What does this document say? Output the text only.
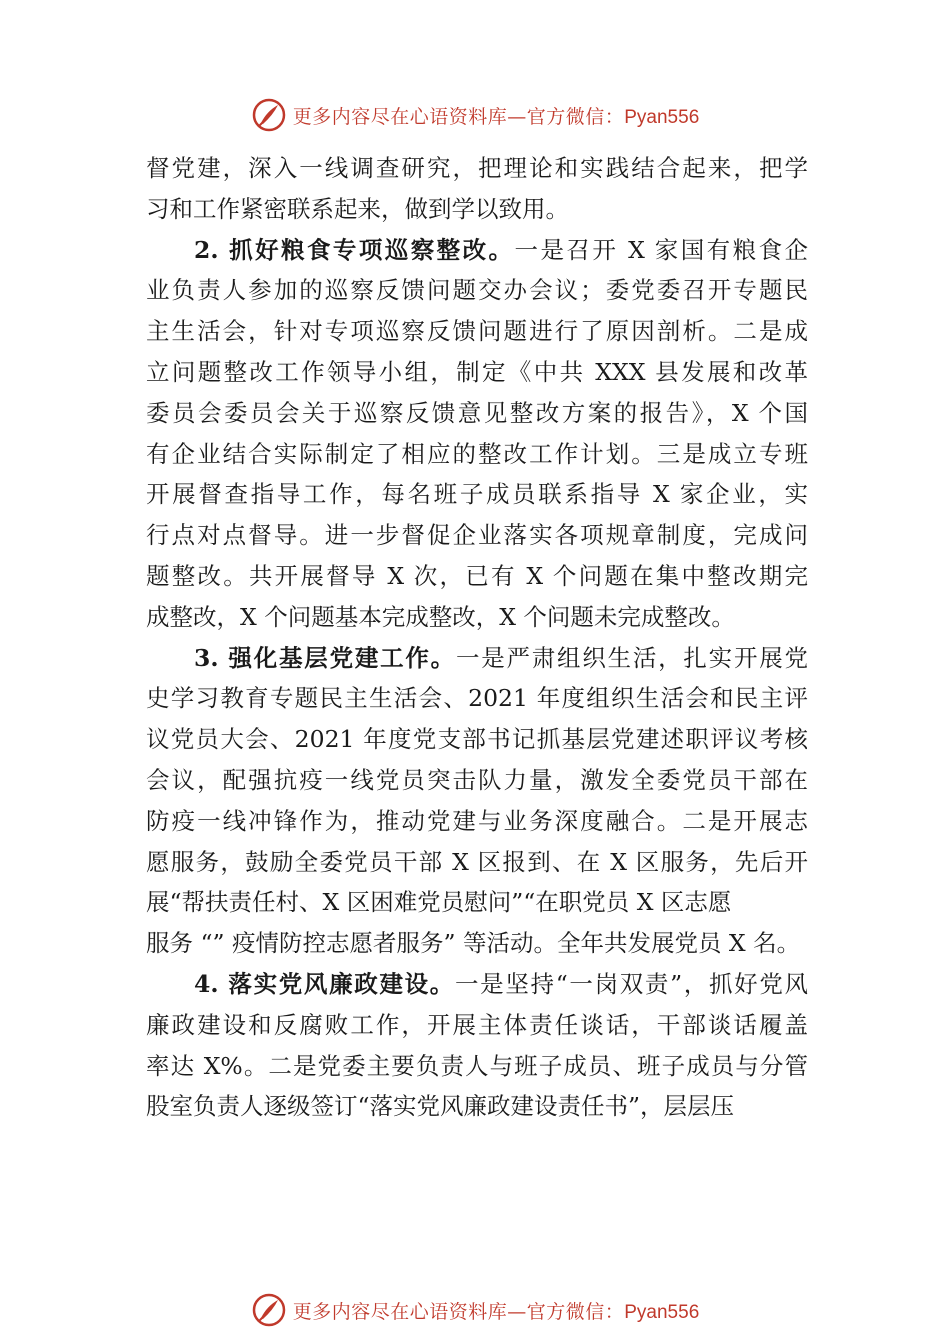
更多内容尽在心语资料库—官方微信：Pyan556
督党建，深入一线调查研究，把理论和实践结合起来，把学
习和工作紧密联系起来，做到学以致用。
2. 抓好粮食专项巡察整改。一是召开 X 家国有粮食企
业负责人参加的巡察反馈问题交办会议；委党委召开专题民
主生活会，针对专项巡察反馈问题进行了原因剖析。二是成
立问题整改工作领导小组，制定《中共 XXX 县发展和改革
委员会委员会关于巡察反馈意见整改方案的报告》，X 个国
有企业结合实际制定了相应的整改工作计划。三是成立专班
开展督查指导工作，每名班子成员联系指导 X 家企业，实
行点对点督导。进一步督促企业落实各项规章制度，完成问
题整改。共开展督导 X 次，已有 X 个问题在集中整改期完
成整改，X 个问题基本完成整改，X 个问题未完成整改。
3. 强化基层党建工作。一是严肃组织生活，扎实开展党
史学习教育专题民主生活会、2021 年度组织生活会和民主评
议党员大会、2021 年度党支部书记抓基层党建述职评议考核
会议，配强抗疫一线党员突击队力量，激发全委党员干部在
防疫一线冲锋作为，推动党建与业务深度融合。二是开展志
愿服务，鼓励全委党员干部 X 区报到、在 X 区服务，先后开
展“帮扶责任村、X 区困难党员慰问”“在职党员 X 区志愿
服务 “” 疫情防控志愿者服务” 等活动。全年共发展党员 X 名。
4. 落实党风廉政建设。一是坚持“一岗双责”，抓好党风
廉政建设和反腐败工作，开展主体责任谈话，干部谈话履盖
率达 X%。二是党委主要负责人与班子成员、班子成员与分管
股室负责人逐级签订“落实党风廉政建设责任书”，层层压
更多内容尽在心语资料库—官方微信：Pyan556
